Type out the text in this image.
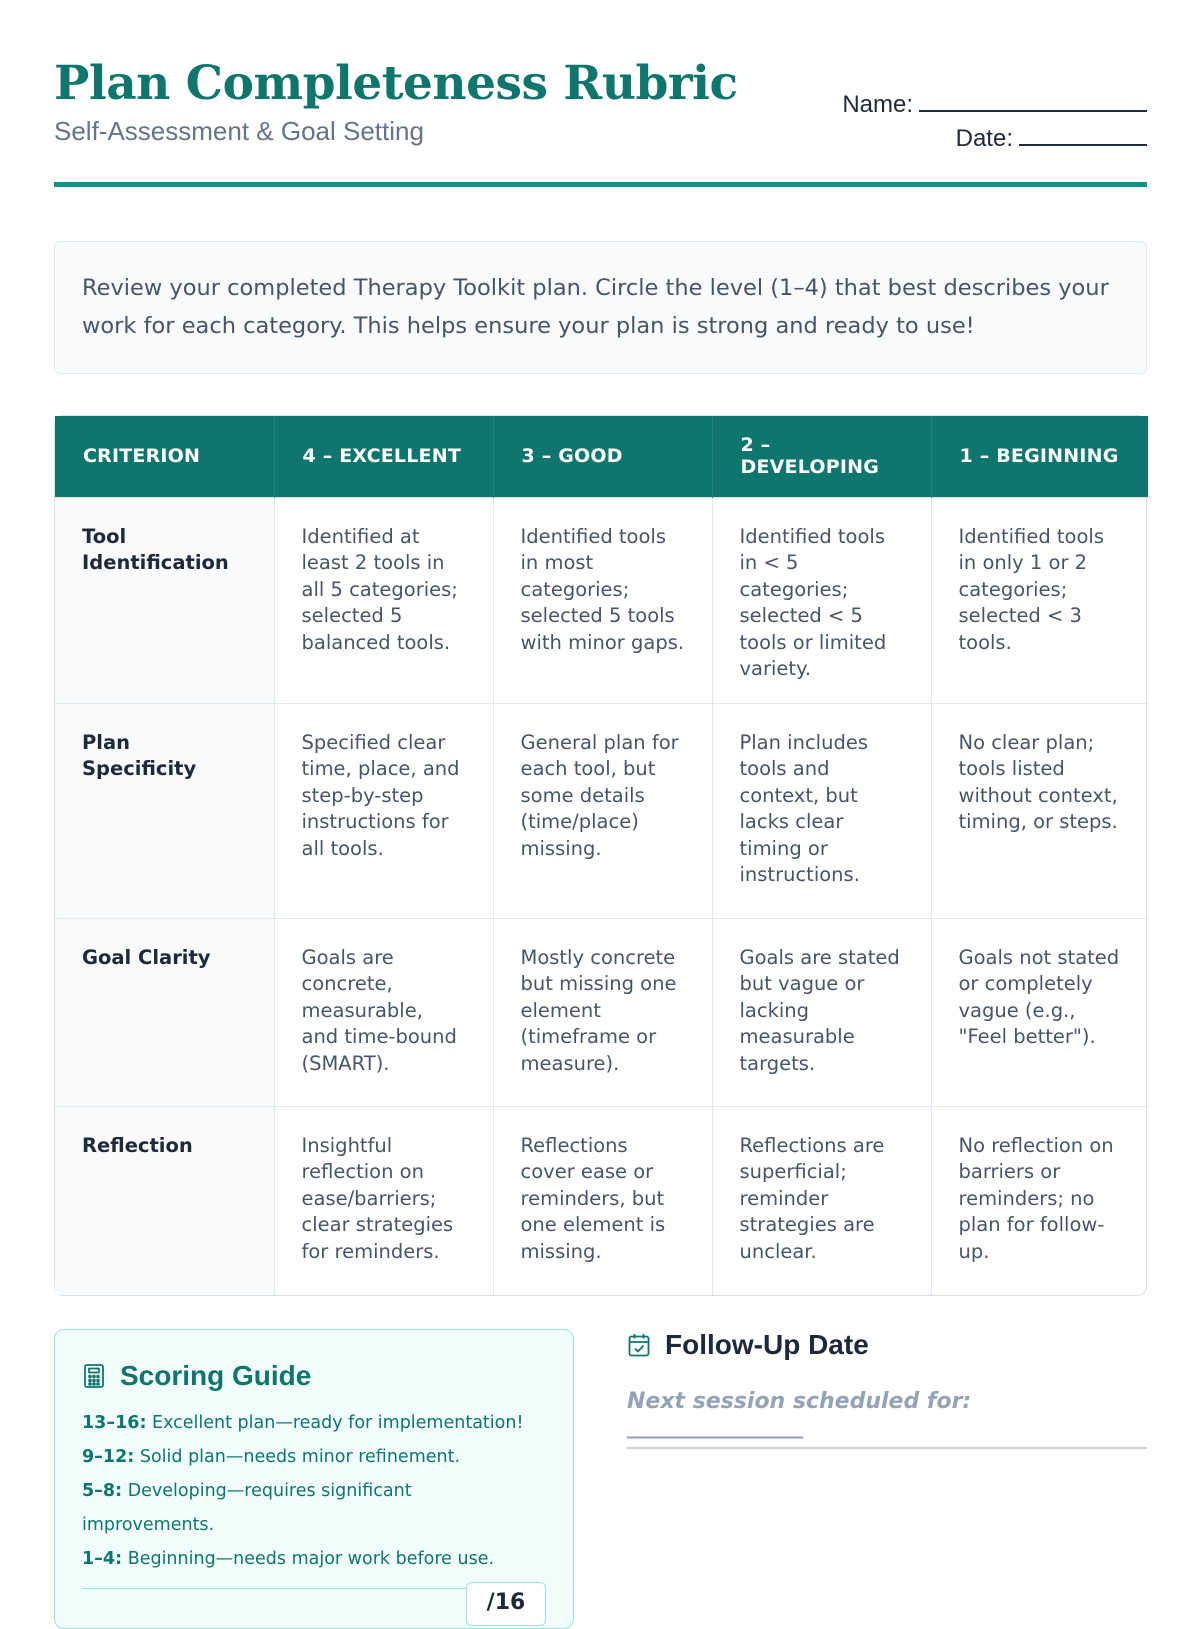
Plan Completeness Rubric
Self-Assessment & Goal Setting
Name:
Date:

Review your completed Therapy Toolkit plan. Circle the level (1–4) that best describes your work for each category. This helps ensure your plan is strong and ready to use!

CRITERION	4 – EXCELLENT	3 – GOOD	2 – DEVELOPING	1 – BEGINNING
Tool Identification	Identified at least 2 tools in all 5 categories; selected 5 balanced tools.	Identified tools in most categories; selected 5 tools with minor gaps.	Identified tools in < 5 categories; selected < 5 tools or limited variety.	Identified tools in only 1 or 2 categories; selected < 3 tools.
Plan Specificity	Specified clear time, place, and step-by-step instructions for all tools.	General plan for each tool, but some details (time/place) missing.	Plan includes tools and context, but lacks clear timing or instructions.	No clear plan; tools listed without context, timing, or steps.
Goal Clarity	Goals are concrete, measurable, and time-bound (SMART).	Mostly concrete but missing one element (timeframe or measure).	Goals are stated but vague or lacking measurable targets.	Goals not stated or completely vague (e.g., "Feel better").
Reflection	Insightful reflection on ease/barriers; clear strategies for reminders.	Reflections cover ease or reminders, but one element is missing.	Reflections are superficial; reminder strategies are unclear.	No reflection on barriers or reminders; no plan for follow-up.
Scoring Guide
13–16: Excellent plan—ready for implementation!
9–12: Solid plan—needs minor refinement.
5–8: Developing—requires significant improvements.
1–4: Beginning—needs major work before use.
/16
Follow-Up Date
Next session scheduled for: ________________
